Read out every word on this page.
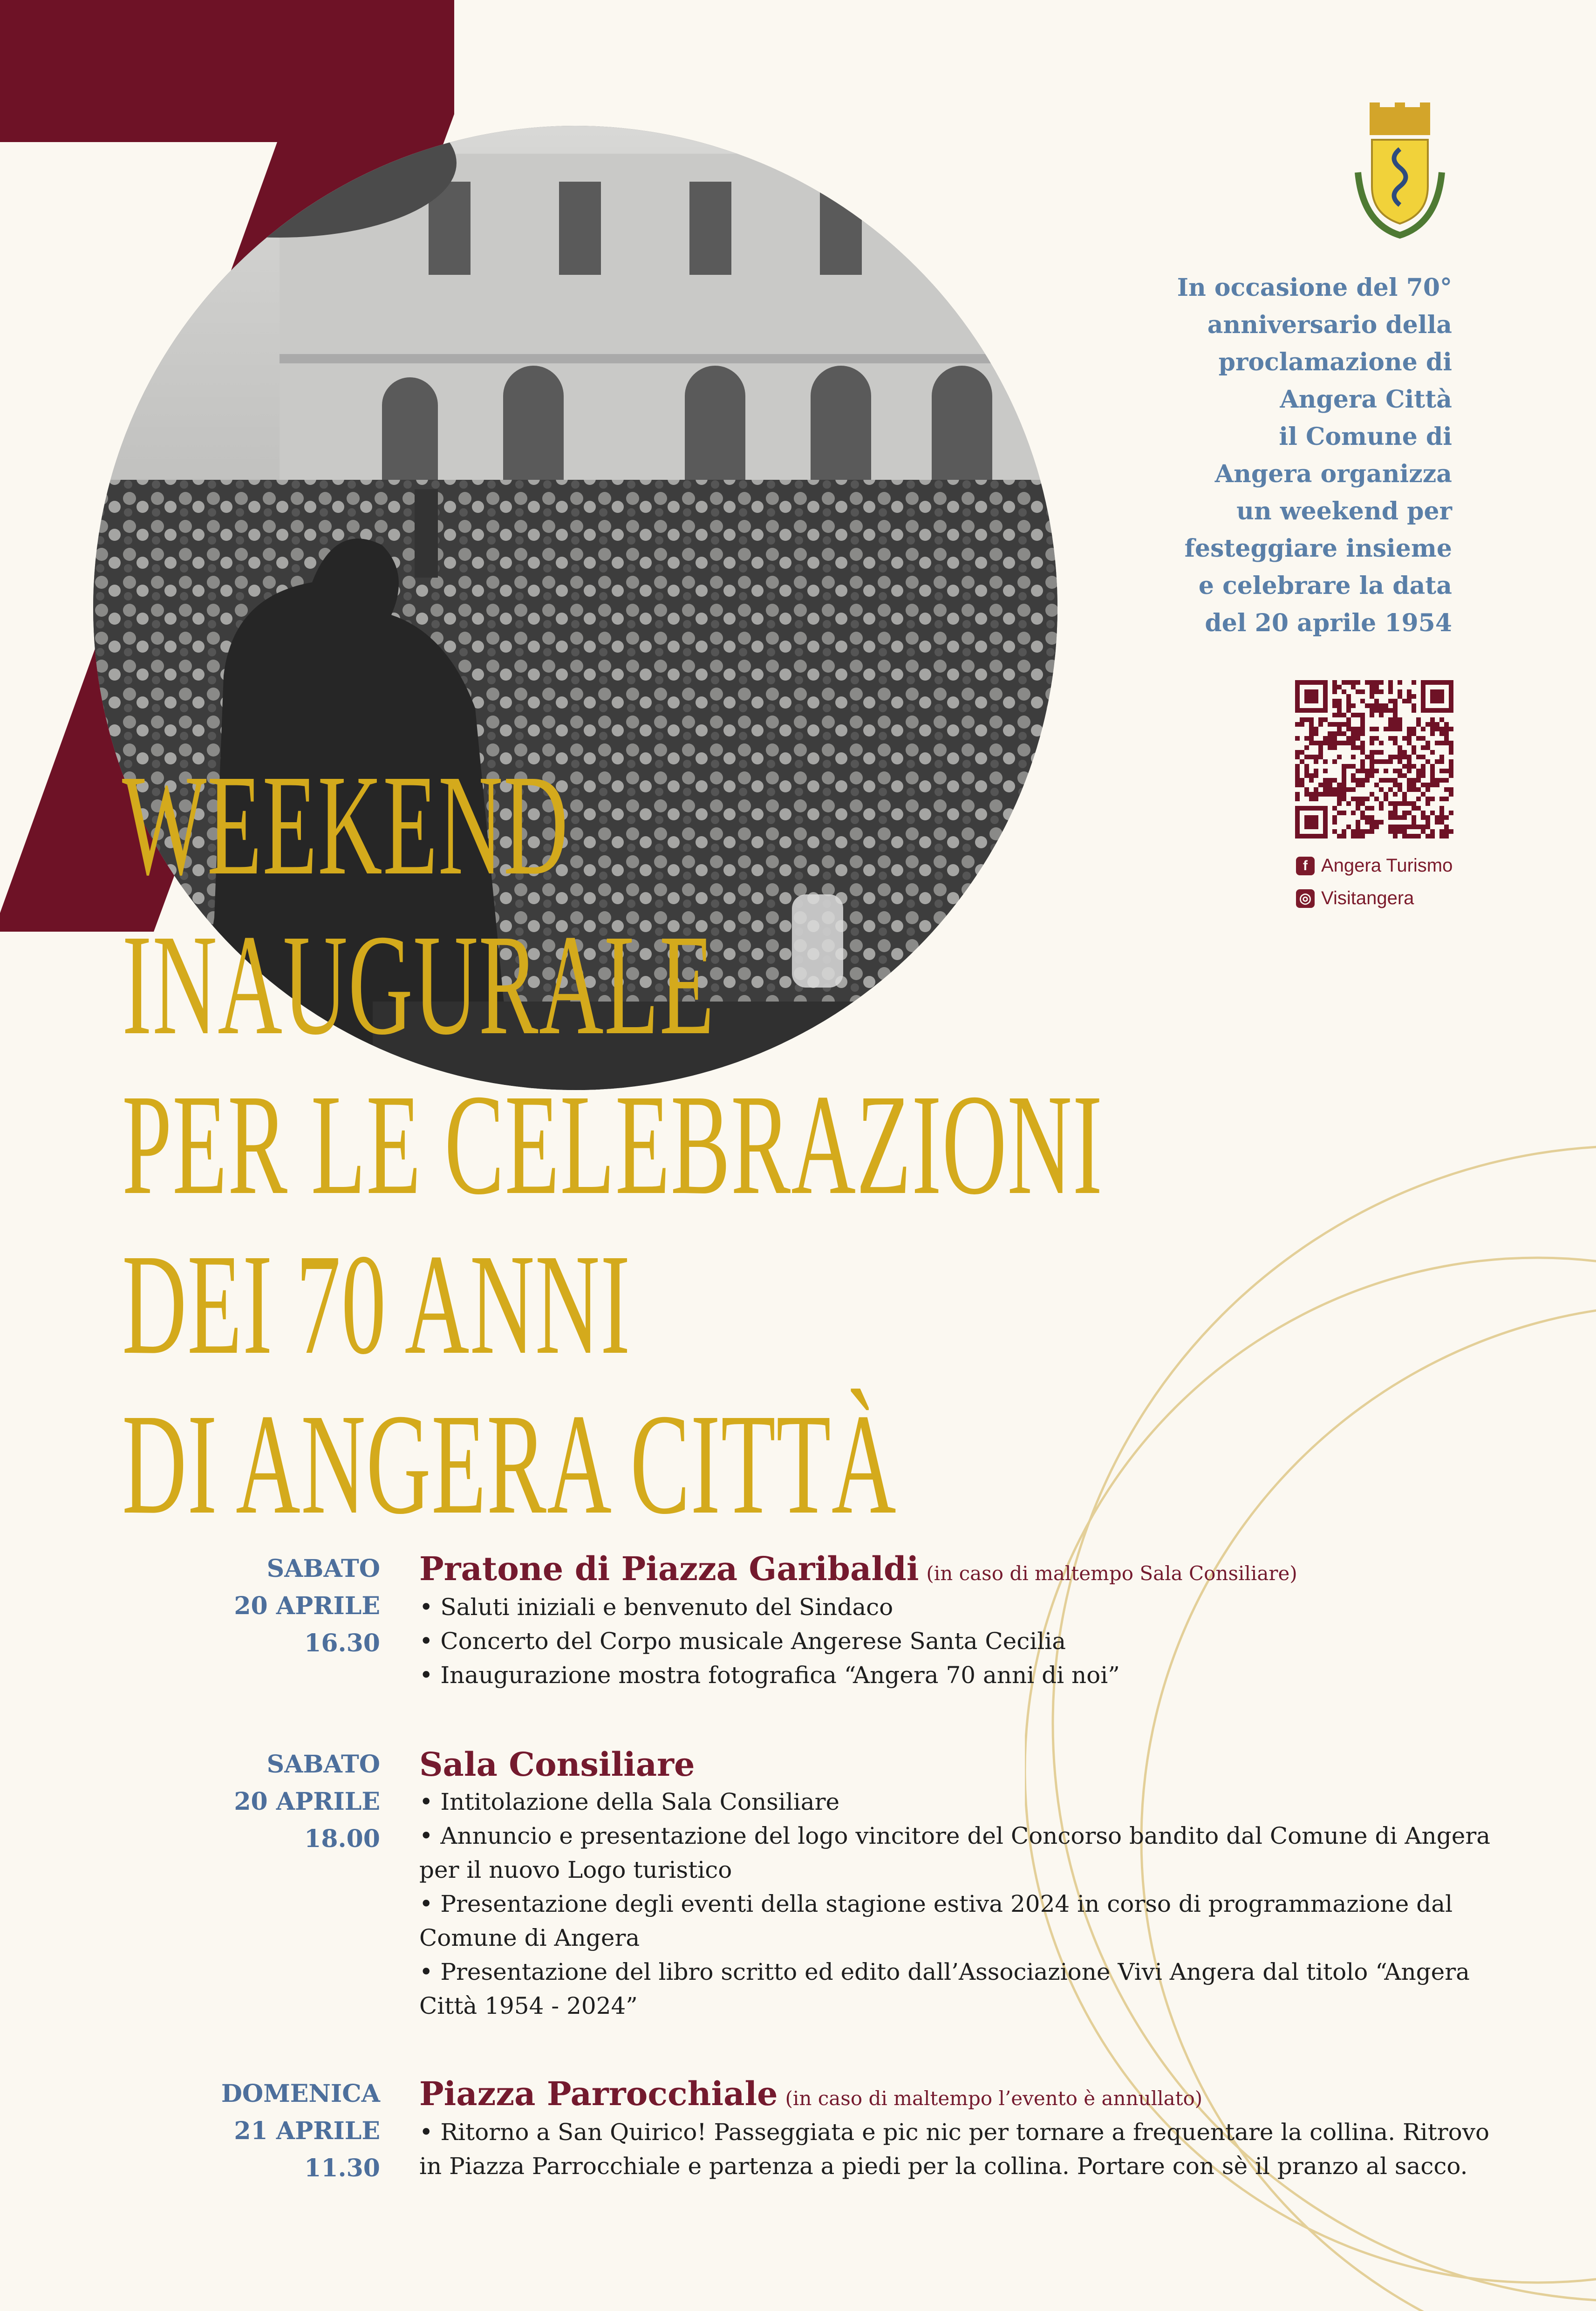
In occasione del 70°
anniversario della
proclamazione di
Angera Città

il Comune di
Angera organizza
un weekend per
festeggiare insieme
e celebrare la data
del 20 aprile 1954

f Angera Turismo
◎ Visitangera
WEEKEND
INAUGURALE
PER LE CELEBRAZIONI
DEI 70 ANNI
DI ANGERA CITTÀ
SABATO
20 APRILE
16.30
Pratone di Piazza Garibaldi (in caso di maltempo Sala Consiliare)

• Saluti iniziali e benvenuto del Sindaco

• Concerto del Corpo musicale Angerese Santa Cecilia

• Inaugurazione mostra fotografica “Angera 70 anni di noi”

SABATO
20 APRILE
18.00
Sala Consiliare

• Intitolazione della Sala Consiliare

• Annuncio e presentazione del logo vincitore del Concorso bandito dal Comune di Angera per il nuovo Logo turistico

• Presentazione degli eventi della stagione estiva 2024 in corso di programmazione dal Comune di Angera

• Presentazione del libro scritto ed edito dall’Associazione Vivi Angera dal titolo “Angera Città 1954 - 2024”

DOMENICA
21 APRILE
11.30
Piazza Parrocchiale (in caso di maltempo l’evento è annullato)

• Ritorno a San Quirico! Passeggiata e pic nic per tornare a frequentare la collina. Ritrovo in Piazza Parrocchiale e partenza a piedi per la collina. Portare con sè il pranzo al sacco.
